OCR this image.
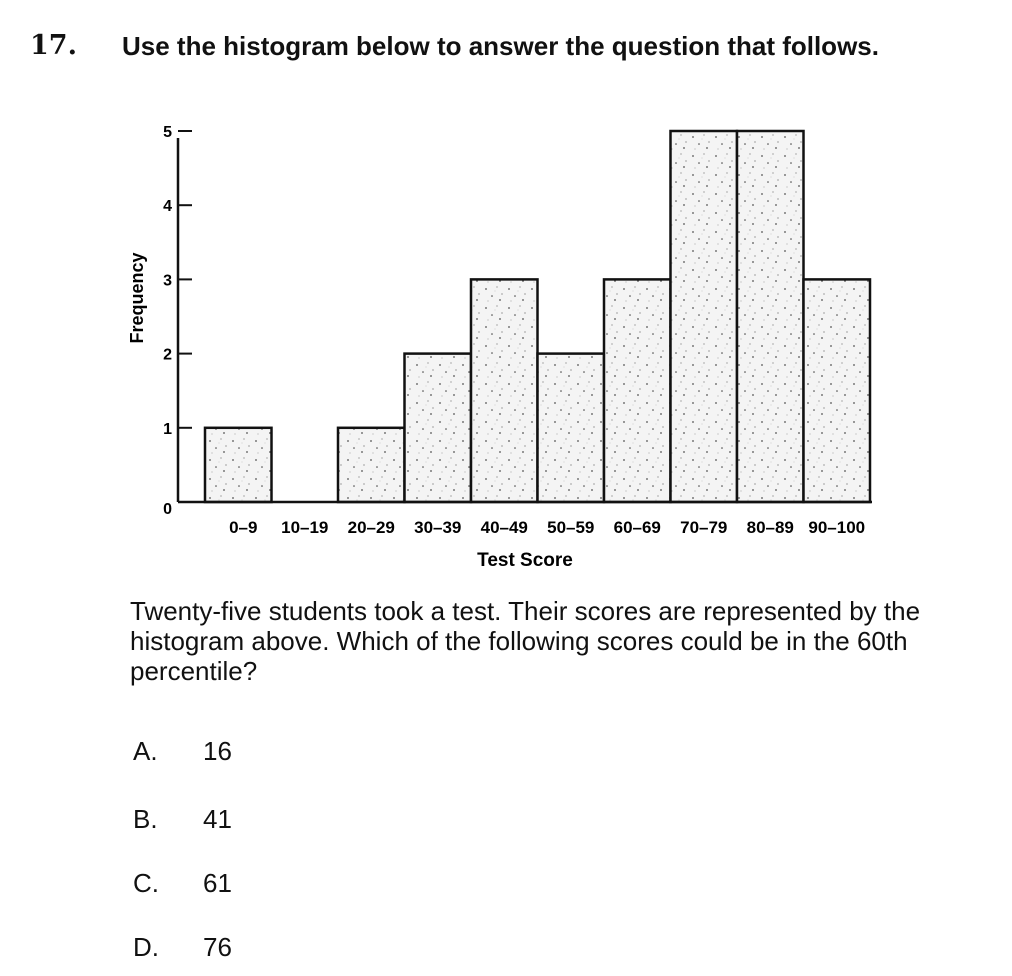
17. Use the histogram below to answer the question that follows.
0
1
2
3
4
5
0–9 10–19 20–29 30–39 40–49 50–59 60–69 70–79 80–89 90–100
Test Score
Frequency
Twenty-five students took a test. Their scores are represented by the histogram above. Which of the following scores could be in the 60th percentile?
A. 16
B. 41
C. 61
D. 76
